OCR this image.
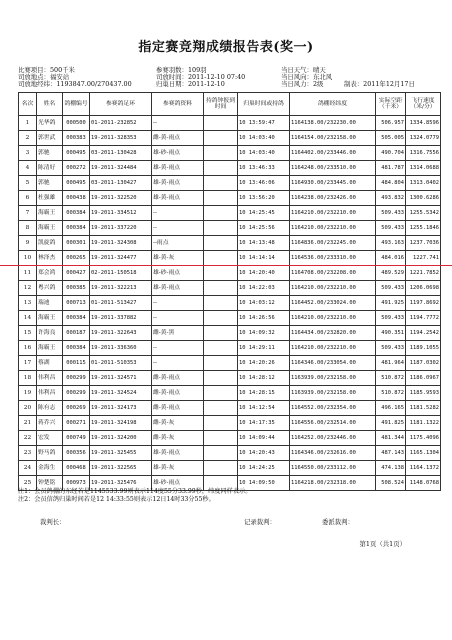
指定赛竞翔成绩报告表(奖一)
比赛项目：500千米	参赛羽数：109羽	当日天气：晴天
司放地点：福安站	司放时间：2011-12-10 07:40	当日风向：东北风
司放地经纬：1193847.00/270437.00	归巢日期：2011-12-10	当日风力：2级	制表：2011年12月17日
名次	姓名	鸽棚编号	参赛鸽足环	参赛鸽资料	持鸽钟报到时间	归巢时间或持鸽	鸽棚经纬度	实际空距（千米）	飞行速度（米/分）
1	光华鸽	000500	01-2011-232852	--		10 13:59:47	1164138.00/232230.00	506.957	1334.8596
2	郭世武	000383	19-2011-328353	雌-黄-雨点		10 14:03:40	1164154.00/232158.00	505.005	1324.0779
3	郭驰	000495	03-2011-130428	雄-砂-雨点		10 14:03:40	1164402.00/233446.00	490.704	1316.7556
4	陈清好	000272	19-2011-324484	雄-黄-雨点		10 13:46:33	1164248.00/233510.00	481.787	1314.0688
5	郭驰	000495	03-2011-130427	雄-黄-雨点		10 13:46:06	1164930.00/233445.00	484.804	1313.0402
6	杜强雄	000438	19-2011-322520	雄-黄-雨点		10 13:56:20	1164238.00/232426.00	493.832	1300.6286
7	海霸王	000384	19-2011-334512	--		10 14:25:45	1164210.00/232210.00	509.433	1255.5342
8	海霸王	000384	19-2011-337220	--		10 14:25:56	1164210.00/232210.00	509.433	1255.1846
9	凯旋鸽	000301	19-2011-324308	--雨点		10 14:13:48	1164836.00/232245.00	493.163	1237.7036
10	林泽杰	000265	19-2011-324477	雄-黄-灰		10 14:14:14	1164536.00/233310.00	484.016	1227.741
11	郑会鸿	000427	02-2011-150518	雄-砂-雨点		10 14:20:40	1164708.00/232208.00	489.529	1221.7852
12	粤兴鸽	000385	19-2011-322213	雄-黄-雨点		10 14:22:03	1164210.00/232210.00	509.433	1206.0698
13	瑞迪	000713	01-2011-513427	--		10 14:03:12	1164452.00/233024.00	491.925	1197.8692
14	海霸王	000384	19-2011-337882	--		10 14:26:56	1164210.00/232210.00	509.433	1194.7772
15	许海良	000187	19-2011-322643	雌-黄-黑		10 14:09:32	1164434.00/232820.00	490.351	1194.2542
16	海霸王	000384	19-2011-336360	--		10 14:29:11	1164210.00/232210.00	509.433	1189.1055
17	蔡湖	000115	01-2011-510353	--		10 14:20:26	1164346.00/233054.00	481.964	1187.0302
18	伟利昌	000299	19-2011-324571	雌-黄-雨点		10 14:28:12	1163939.00/232158.00	510.872	1186.0967
19	伟利昌	000299	19-2011-324524	雌-黄-雨点		10 14:28:15	1163939.00/232158.00	510.872	1185.9593
20	陈有志	000269	19-2011-324173	雌-黄-雨点		10 14:12:54	1164552.00/232354.00	496.165	1181.5282
21	蒋乔兴	000271	19-2011-324198	雌-黄-灰		10 14:17:35	1164556.00/232514.00	491.825	1181.1322
22	宏发	000749	19-2011-324200	雌-黄-灰		10 14:09:44	1164252.00/232446.00	481.344	1175.4096
23	野马鸽	000356	19-2011-325455	雄-黄-雨点		10 14:20:43	1164346.00/232616.00	487.143	1165.1304
24	金海生	000468	19-2011-322565	雄-黄-灰		10 14:24:25	1164550.00/233112.00	474.138	1164.1372
25	钟楚铭	000973	19-2011-325476	雄-砂-雨点		10 14:09:50	1164218.00/232318.00	508.524	1148.0768
注1：会员鸽棚的东经若是1145533.99则表示114度55分33.99秒，纬度同样表示。
注2：会员信鸽归巢时间若是12 14:33:55则表示12日14时33分55秒。
裁判长：	记录裁判：	委派裁判：
第1页（共1页）
